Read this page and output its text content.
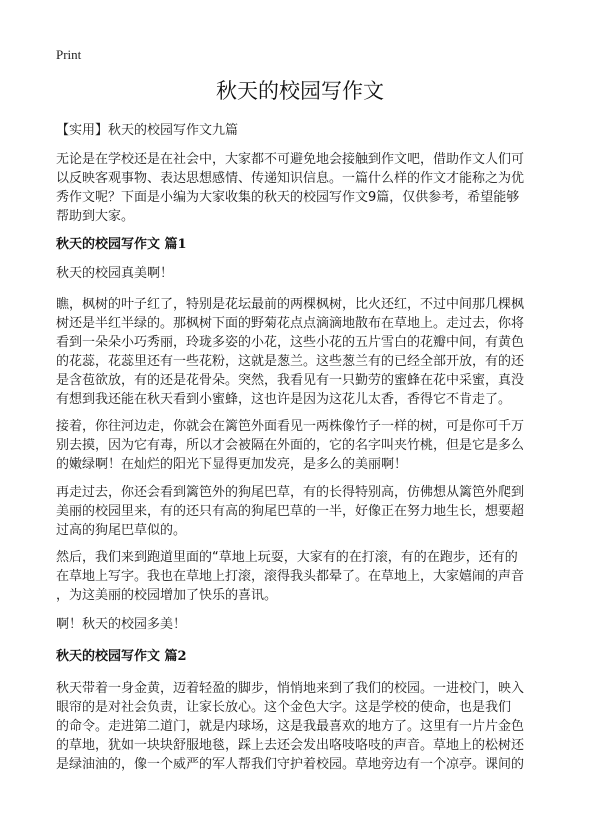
Print
秋天的校园写作文

【实用】秋天的校园写作文九篇

无论是在学校还是在社会中，大家都不可避免地会接触到作文吧，借助作文人们可
以反映客观事物、表达思想感情、传递知识信息。一篇什么样的作文才能称之为优
秀作文呢？下面是小编为大家收集的秋天的校园写作文9篇，仅供参考，希望能够
帮助到大家。

秋天的校园写作文 篇1

秋天的校园真美啊！

瞧，枫树的叶子红了，特别是花坛最前的两棵枫树，比火还红，不过中间那几棵枫
树还是半红半绿的。那枫树下面的野菊花点点滴滴地散布在草地上。走过去，你将
看到一朵朵小巧秀丽，玲珑多姿的小花，这些小花的五片雪白的花瓣中间，有黄色
的花蕊，花蕊里还有一些花粉，这就是葱兰。这些葱兰有的已经全部开放，有的还
是含苞欲放，有的还是花骨朵。突然，我看见有一只勤劳的蜜蜂在花中采蜜，真没
有想到我还能在秋天看到小蜜蜂，这也许是因为这花儿太香，香得它不肯走了。

接着，你往河边走，你就会在篱笆外面看见一两株像竹子一样的树，可是你可千万
别去摸，因为它有毒，所以才会被隔在外面的，它的名字叫夹竹桃，但是它是多么
的嫩绿啊！在灿烂的阳光下显得更加发亮，是多么的美丽啊！

再走过去，你还会看到篱笆外的狗尾巴草，有的长得特别高，仿佛想从篱笆外爬到
美丽的校园里来，有的还只有高的狗尾巴草的一半，好像正在努力地生长，想要超
过高的狗尾巴草似的。

然后，我们来到跑道里面的“草地上玩耍，大家有的在打滚，有的在跑步，还有的
在草地上写字。我也在草地上打滚，滚得我头都晕了。在草地上，大家嬉闹的声音
，为这美丽的校园增加了快乐的喜讯。

啊！秋天的校园多美！

秋天的校园写作文 篇2

秋天带着一身金黄，迈着轻盈的脚步，悄悄地来到了我们的校园。一进校门，映入
眼帘的是对社会负责，让家长放心。这个金色大字。这是学校的使命，也是我们
的命令。走进第二道门，就是内球场，这是我最喜欢的地方了。这里有一片片金色
的草地，犹如一块块舒服地毯，踩上去还会发出咯吱咯吱的声音。草地上的松树还
是绿油油的，像一个威严的军人帮我们守护着校园。草地旁边有一个凉亭。课间的
